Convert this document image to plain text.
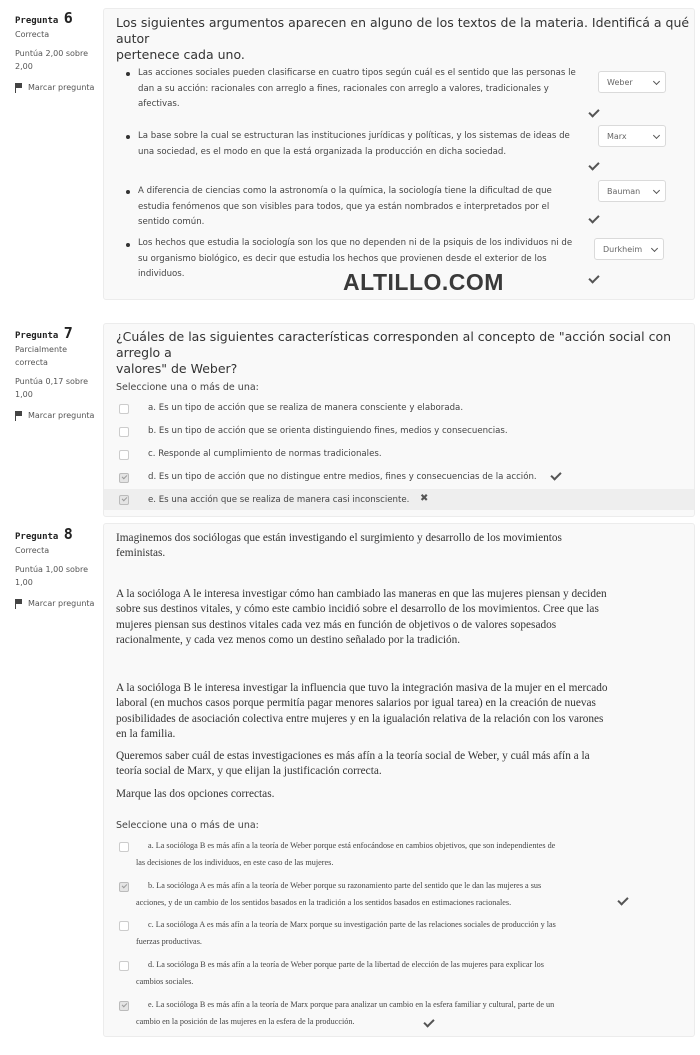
Pregunta 6
Correcta
Puntúa 2,00 sobre
2,00
Marcar pregunta
Los siguientes argumentos aparecen en alguno de los textos de la materia. Identificá a qué autor
pertenece cada uno.
Las acciones sociales pueden clasificarse en cuatro tipos según cuál es el sentido que las personas le
dan a su acción: racionales con arreglo a fines, racionales con arreglo a valores, tradicionales y
afectivas.
Weber
La base sobre la cual se estructuran las instituciones jurídicas y políticas, y los sistemas de ideas de
una sociedad, es el modo en que la está organizada la producción en dicha sociedad.
Marx
A diferencia de ciencias como la astronomía o la química, la sociología tiene la dificultad de que
estudia fenómenos que son visibles para todos, que ya están nombrados e interpretados por el
sentido común.
Bauman
Los hechos que estudia la sociología son los que no dependen ni de la psiquis de los individuos ni de
su organismo biológico, es decir que estudia los hechos que provienen desde el exterior de los
individuos.
Durkheim
ALTILLO.COM
Pregunta 7
Parcialmente
correcta
Puntúa 0,17 sobre
1,00
Marcar pregunta
¿Cuáles de las siguientes características corresponden al concepto de "acción social con arreglo a
valores" de Weber?
Seleccione una o más de una:
a. Es un tipo de acción que se realiza de manera consciente y elaborada.
b. Es un tipo de acción que se orienta distinguiendo fines, medios y consecuencias.
c. Responde al cumplimiento de normas tradicionales.
d. Es un tipo de acción que no distingue entre medios, fines y consecuencias de la acción.
e. Es una acción que se realiza de manera casi inconsciente. ✖
Pregunta 8
Correcta
Puntúa 1,00 sobre
1,00
Marcar pregunta
Imaginemos dos sociólogas que están investigando el surgimiento y desarrollo de los movimientos
feministas.
A la socióloga A le interesa investigar cómo han cambiado las maneras en que las mujeres piensan y deciden
sobre sus destinos vitales, y cómo este cambio incidió sobre el desarrollo de los movimientos. Cree que las
mujeres piensan sus destinos vitales cada vez más en función de objetivos o de valores sopesados
racionalmente, y cada vez menos como un destino señalado por la tradición.
A la socióloga B le interesa investigar la influencia que tuvo la integración masiva de la mujer en el mercado
laboral (en muchos casos porque permitía pagar menores salarios por igual tarea) en la creación de nuevas
posibilidades de asociación colectiva entre mujeres y en la igualación relativa de la relación con los varones
en la familia.
Queremos saber cuál de estas investigaciones es más afín a la teoría social de Weber, y cuál más afín a la
teoría social de Marx, y que elijan la justificación correcta.
Marque las dos opciones correctas.
Seleccione una o más de una:
a. La socióloga B es más afín a la teoría de Weber porque está enfocándose en cambios objetivos, que son independientes de
las decisiones de los individuos, en este caso de las mujeres.
b. La socióloga A es más afín a la teoría de Weber porque su razonamiento parte del sentido que le dan las mujeres a sus
acciones, y de un cambio de los sentidos basados en la tradición a los sentidos basados en estimaciones racionales.
c. La socióloga A es más afín a la teoría de Marx porque su investigación parte de las relaciones sociales de producción y las
fuerzas productivas.
d. La socióloga B es más afín a la teoría de Weber porque parte de la libertad de elección de las mujeres para explicar los
cambios sociales.
e. La socióloga B es más afín a la teoría de Marx porque para analizar un cambio en la esfera familiar y cultural, parte de un
cambio en la posición de las mujeres en la esfera de la producción.
